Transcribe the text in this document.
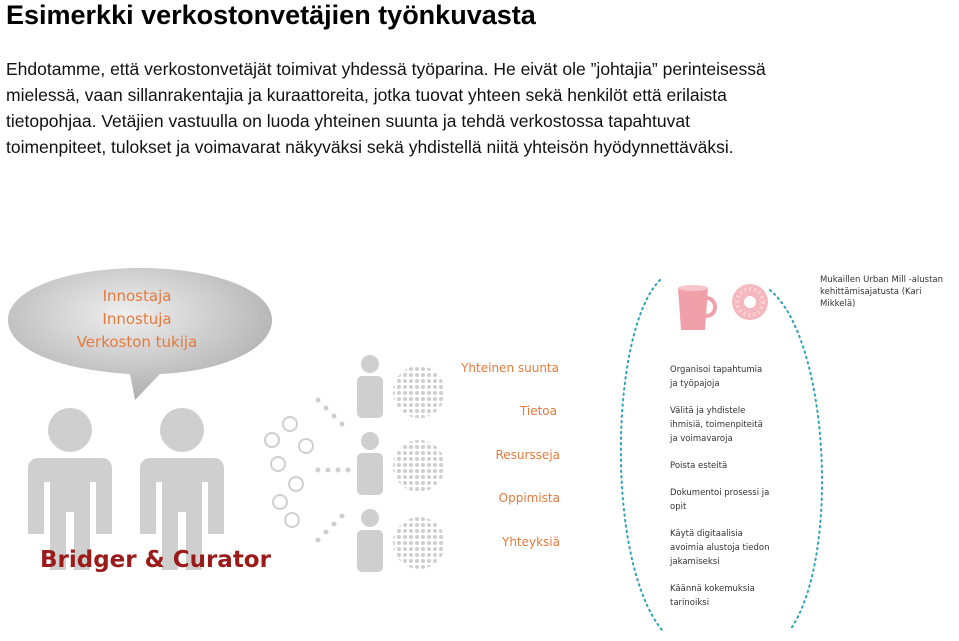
Esimerkki verkostonvetäjien työnkuvasta
Ehdotamme, että verkostonvetäjät toimivat yhdessä työparina. He eivät ole ”johtajia” perinteisessä
mielessä, vaan sillanrakentajia ja kuraattoreita, jotka tuovat yhteen sekä henkilöt että erilaista
tietopohjaa. Vetäjien vastuulla on luoda yhteinen suunta ja tehdä verkostossa tapahtuvat
toimenpiteet, tulokset ja voimavarat näkyväksi sekä yhdistellä niitä yhteisön hyödynnettäväksi.
Innostaja
Innostuja
Verkoston tukija
Bridger & Curator
Yhteinen suunta
Tietoa
Resursseja
Oppimista
Yhteyksiä
Mukaillen Urban Mill -alustan
kehittämisajatusta (Kari
Mikkelä)
Organisoi tapahtumia
ja työpajoja
Välitä ja yhdistele
ihmisiä, toimenpiteitä
ja voimavaroja
Poista esteitä
Dokumentoi prosessi ja
opit
Käytä digitaalisia
avoimia alustoja tiedon
jakamiseksi
Käännä kokemuksia
tarinoiksi
